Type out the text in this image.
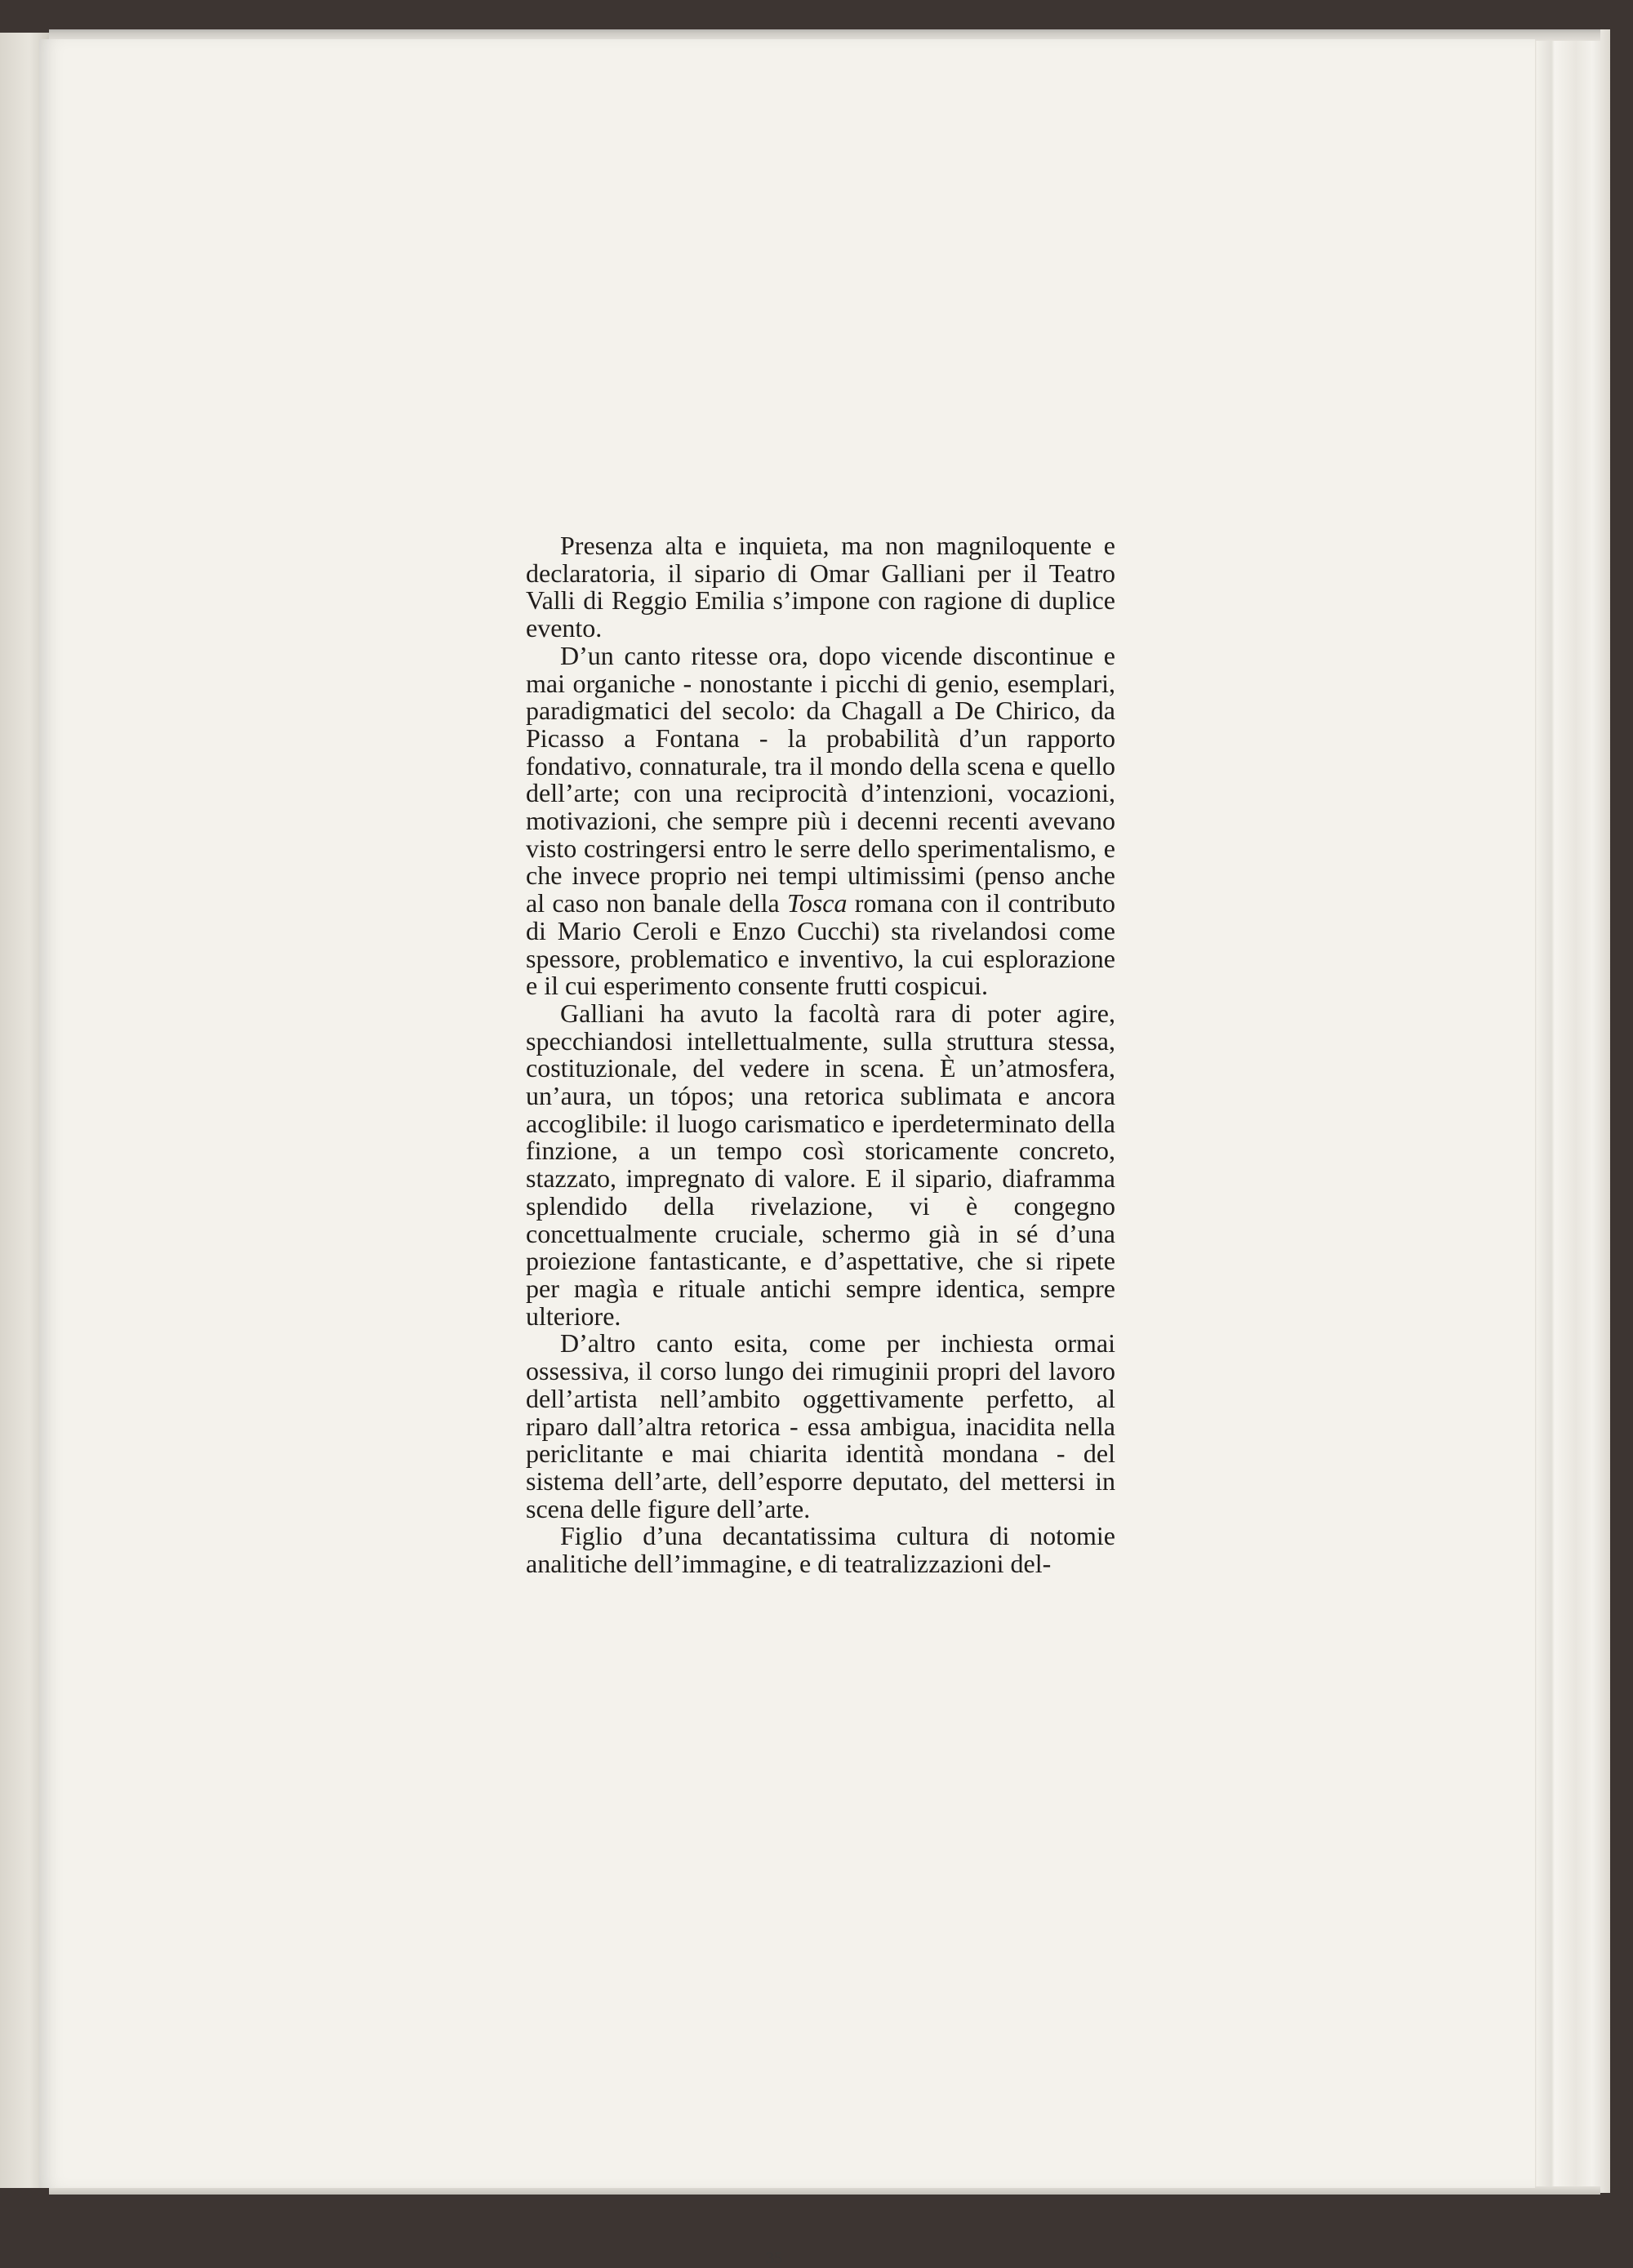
Presenza alta e inquieta, ma non magniloquente e declaratoria, il sipario di Omar Galliani per il Teatro Valli di Reggio Emilia s’impone con ragione di duplice evento.

D’un canto ritesse ora, dopo vicende discontinue e mai organiche - nonostante i picchi di genio, esemplari, paradigmatici del secolo: da Chagall a De Chirico, da Picasso a Fontana - la probabilità d’un rapporto fondativo, connaturale, tra il mondo della scena e quello dell’arte; con una reciprocità d’intenzioni, vocazioni, motivazioni, che sempre più i decenni recenti avevano visto costringersi entro le serre dello sperimentalismo, e che invece proprio nei tempi ultimissimi (penso anche al caso non banale della Tosca romana con il contributo di Mario Ceroli e Enzo Cucchi) sta rivelandosi come spessore, problematico e inventivo, la cui esplorazione e il cui esperimento consente frutti cospicui.

Galliani ha avuto la facoltà rara di poter agire, specchiandosi intellettualmente, sulla struttura stessa, costituzionale, del vedere in scena. È un’atmosfera, un’aura, un tópos; una retorica sublimata e ancora accoglibile: il luogo carismatico e iperdeterminato della finzione, a un tempo così storicamente concreto, stazzato, impregnato di valore. E il sipario, diaframma splendido della rivelazione, vi è congegno concettualmente cruciale, schermo già in sé d’una proiezione fantasticante, e d’aspettative, che si ripete per magìa e rituale antichi sempre identica, sempre ulteriore.

D’altro canto esita, come per inchiesta ormai ossessiva, il corso lungo dei rimuginii propri del lavoro dell’artista nell’ambito oggettivamente perfetto, al riparo dall’altra retorica - essa ambigua, inacidita nella periclitante e mai chiarita identità mondana - del sistema dell’arte, dell’esporre deputato, del mettersi in scena delle figure dell’arte.

Figlio d’una decantatissima cultura di notomie analitiche dell’immagine, e di teatralizzazioni del-

35
